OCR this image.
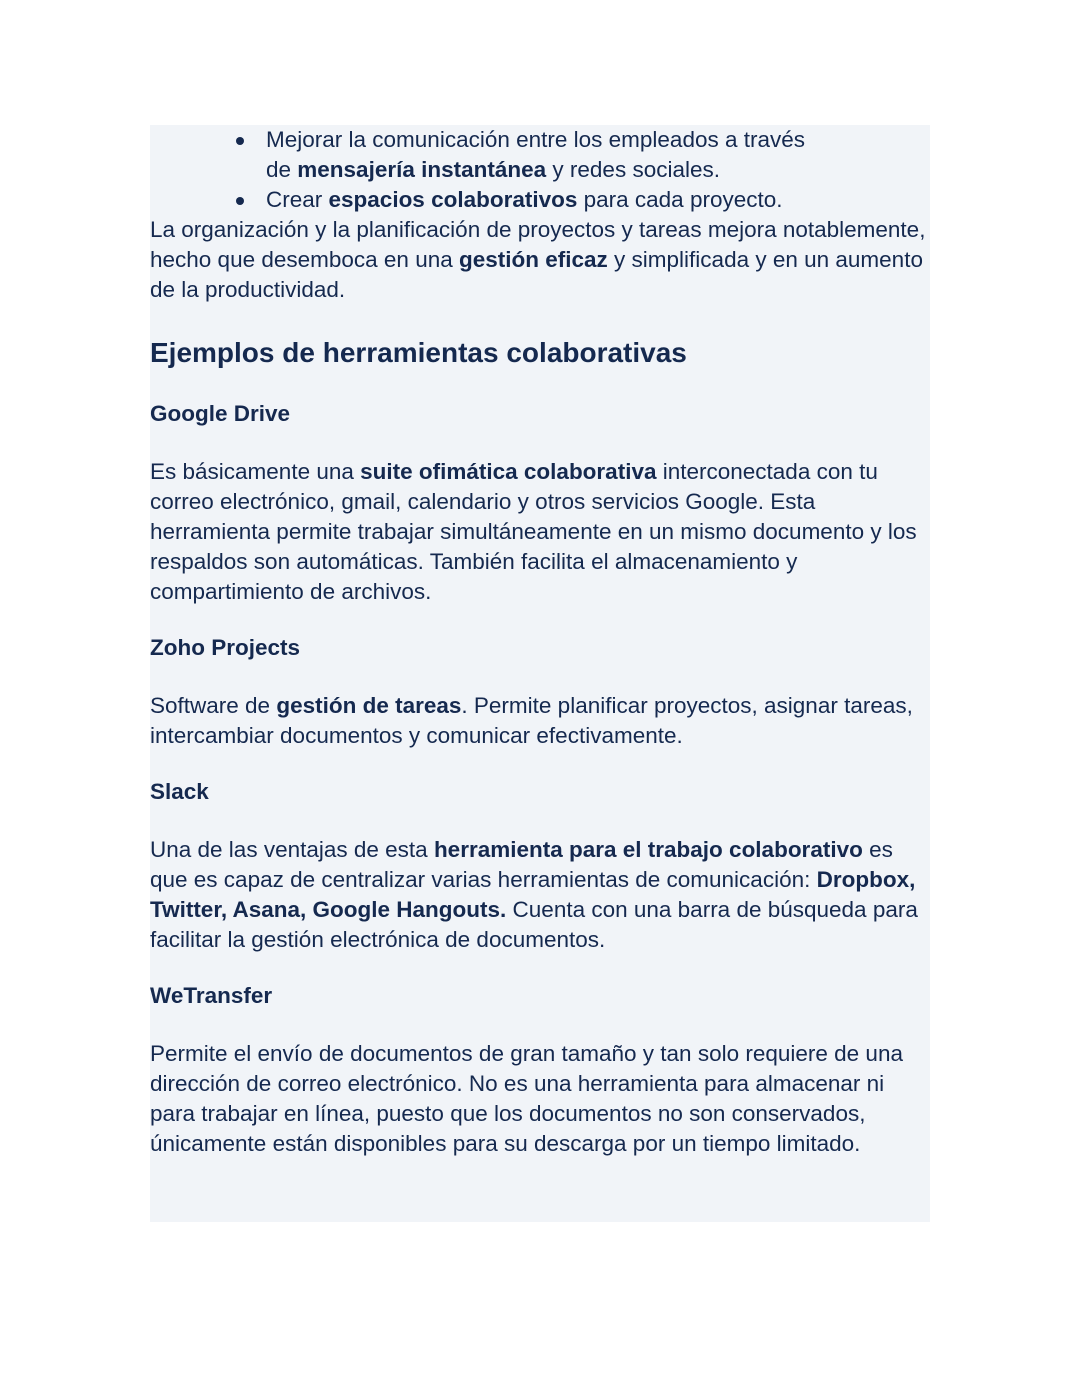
Mejorar la comunicación entre los empleados a través de mensajería instantánea y redes sociales.
Crear espacios colaborativos para cada proyecto.

La organización y la planificación de proyectos y tareas mejora notablemente, hecho que desemboca en una gestión eficaz y simplificada y en un aumento de la productividad.

Ejemplos de herramientas colaborativas
Google Drive

Es básicamente una suite ofimática colaborativa interconectada con tu correo electrónico, gmail, calendario y otros servicios Google. Esta herramienta permite trabajar simultáneamente en un mismo documento y los respaldos son automáticas. También facilita el almacenamiento y compartimiento de archivos.

Zoho Projects

Software de gestión de tareas. Permite planificar proyectos, asignar tareas, intercambiar documentos y comunicar efectivamente.

Slack

Una de las ventajas de esta herramienta para el trabajo colaborativo es que es capaz de centralizar varias herramientas de comunicación: Dropbox, Twitter, Asana, Google Hangouts. Cuenta con una barra de búsqueda para facilitar la gestión electrónica de documentos.

WeTransfer

Permite el envío de documentos de gran tamaño y tan solo requiere de una dirección de correo electrónico. No es una herramienta para almacenar ni para trabajar en línea, puesto que los documentos no son conservados, únicamente están disponibles para su descarga por un tiempo limitado.
